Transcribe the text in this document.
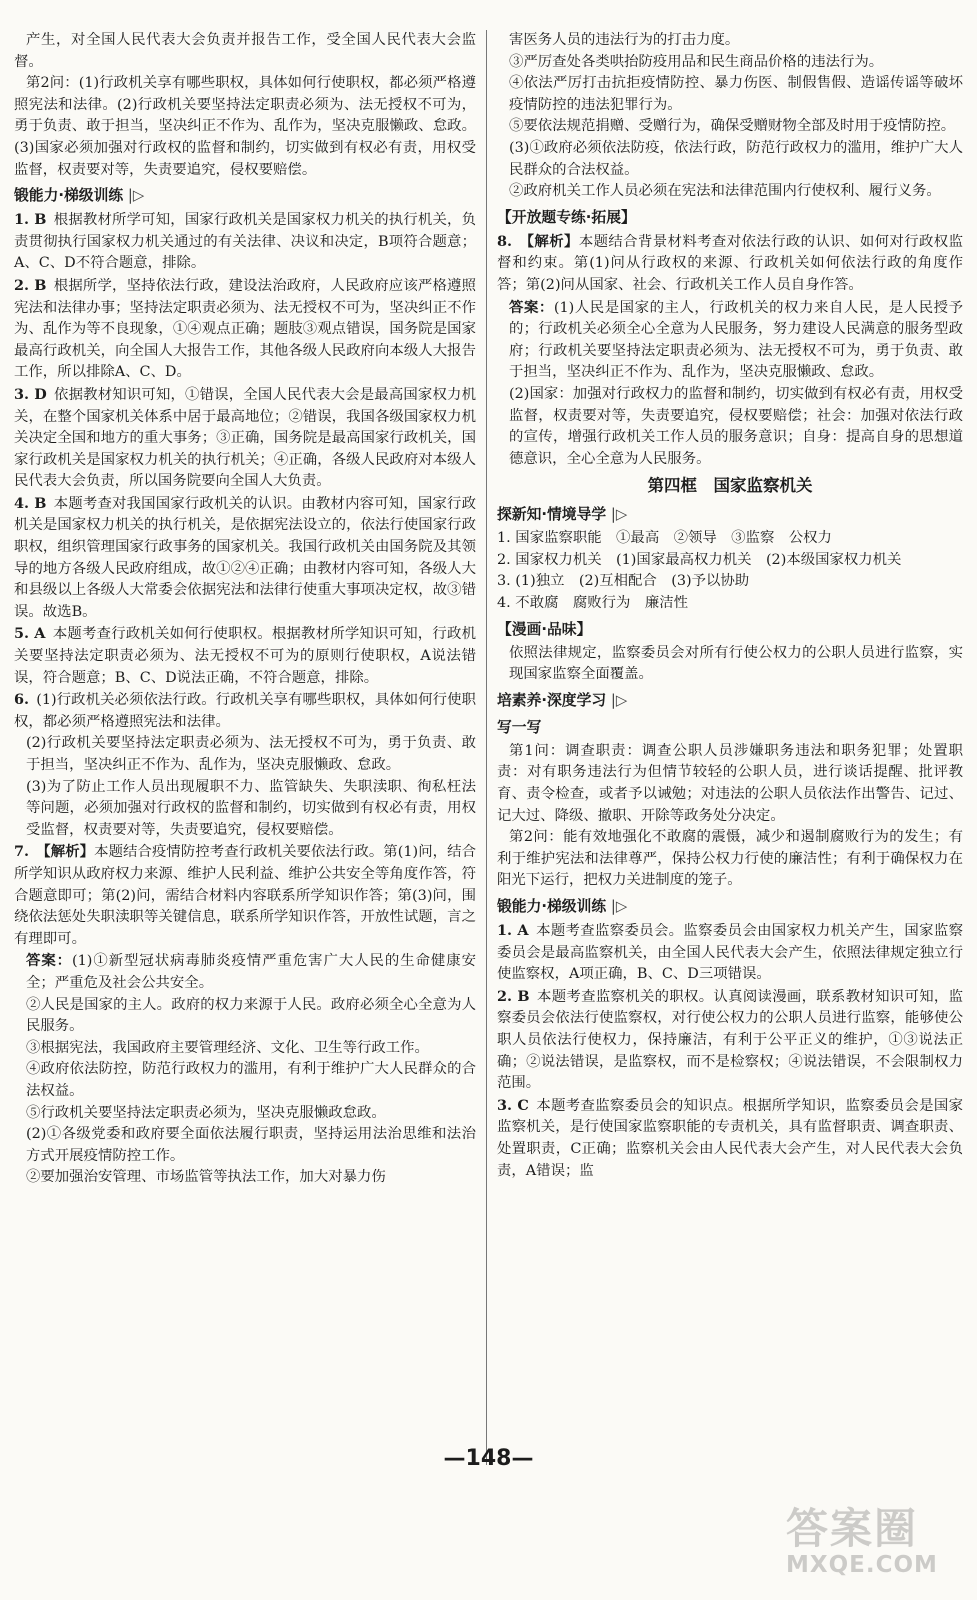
产生，对全国人民代表大会负责并报告工作，受全国人民代表大会监督。

第2问：(1)行政机关享有哪些职权，具体如何行使职权，都必须严格遵照宪法和法律。(2)行政机关要坚持法定职责必须为、法无授权不可为，勇于负责、敢于担当，坚决纠正不作为、乱作为，坚决克服懒政、怠政。(3)国家必须加强对行政权的监督和制约，切实做到有权必有责，用权受监督，权责要对等，失责要追究，侵权要赔偿。

锻能力·梯级训练 |▷

1. B  根据教材所学可知，国家行政机关是国家权力机关的执行机关，负责贯彻执行国家权力机关通过的有关法律、决议和决定，B项符合题意；A、C、D不符合题意，排除。

2. B  根据所学，坚持依法行政，建设法治政府，人民政府应该严格遵照宪法和法律办事；坚持法定职责必须为、法无授权不可为，坚决纠正不作为、乱作为等不良现象，①④观点正确；题肢③观点错误，国务院是国家最高行政机关，向全国人大报告工作，其他各级人民政府向本级人大报告工作，所以排除A、C、D。

3. D  依据教材知识可知，①错误，全国人民代表大会是最高国家权力机关，在整个国家机关体系中居于最高地位；②错误，我国各级国家权力机关决定全国和地方的重大事务；③正确，国务院是最高国家行政机关，国家行政机关是国家权力机关的执行机关；④正确，各级人民政府对本级人民代表大会负责，所以国务院要向全国人大负责。

4. B  本题考查对我国国家行政机关的认识。由教材内容可知，国家行政机关是国家权力机关的执行机关，是依据宪法设立的，依法行使国家行政职权，组织管理国家行政事务的国家机关。我国行政机关由国务院及其领导的地方各级人民政府组成，故①②④正确；由教材内容可知，各级人大和县级以上各级人大常委会依据宪法和法律行使重大事项决定权，故③错误。故选B。

5. A  本题考查行政机关如何行使职权。根据教材所学知识可知，行政机关要坚持法定职责必须为、法无授权不可为的原则行使职权，A说法错误，符合题意；B、C、D说法正确，不符合题意，排除。

6.  (1)行政机关必须依法行政。行政机关享有哪些职权，具体如何行使职权，都必须严格遵照宪法和法律。

(2)行政机关要坚持法定职责必须为、法无授权不可为，勇于负责、敢于担当，坚决纠正不作为、乱作为，坚决克服懒政、怠政。

(3)为了防止工作人员出现履职不力、监管缺失、失职渎职、徇私枉法等问题，必须加强对行政权的监督和制约，切实做到有权必有责，用权受监督，权责要对等，失责要追究，侵权要赔偿。

7.  【解析】本题结合疫情防控考查行政机关要依法行政。第(1)问，结合所学知识从政府权力来源、维护人民利益、维护公共安全等角度作答，符合题意即可；第(2)问，需结合材料内容联系所学知识作答；第(3)问，围绕依法惩处失职渎职等关键信息，联系所学知识作答，开放性试题，言之有理即可。

答案：(1)①新型冠状病毒肺炎疫情严重危害广大人民的生命健康安全；严重危及社会公共安全。

②人民是国家的主人。政府的权力来源于人民。政府必须全心全意为人民服务。

③根据宪法，我国政府主要管理经济、文化、卫生等行政工作。

④政府依法防控，防范行政权力的滥用，有利于维护广大人民群众的合法权益。

⑤行政机关要坚持法定职责必须为，坚决克服懒政怠政。

(2)①各级党委和政府要全面依法履行职责，坚持运用法治思维和法治方式开展疫情防控工作。

②要加强治安管理、市场监管等执法工作，加大对暴力伤

害医务人员的违法行为的打击力度。

③严厉查处各类哄抬防疫用品和民生商品价格的违法行为。

④依法严厉打击抗拒疫情防控、暴力伤医、制假售假、造谣传谣等破坏疫情防控的违法犯罪行为。

⑤要依法规范捐赠、受赠行为，确保受赠财物全部及时用于疫情防控。

(3)①政府必须依法防疫，依法行政，防范行政权力的滥用，维护广大人民群众的合法权益。

②政府机关工作人员必须在宪法和法律范围内行使权利、履行义务。

【开放题专练·拓展】

8.  【解析】本题结合背景材料考查对依法行政的认识、如何对行政权监督和约束。第(1)问从行政权的来源、行政机关如何依法行政的角度作答；第(2)问从国家、社会、行政机关工作人员自身作答。

答案：(1)人民是国家的主人，行政机关的权力来自人民，是人民授予的；行政机关必须全心全意为人民服务，努力建设人民满意的服务型政府；行政机关要坚持法定职责必须为、法无授权不可为，勇于负责、敢于担当，坚决纠正不作为、乱作为，坚决克服懒政、怠政。

(2)国家：加强对行政权力的监督和制约，切实做到有权必有责，用权受监督，权责要对等，失责要追究，侵权要赔偿；社会：加强对依法行政的宣传，增强行政机关工作人员的服务意识；自身：提高自身的思想道德意识，全心全意为人民服务。

第四框　国家监察机关
探新知·情境导学 |▷

1. 国家监察职能　①最高　②领导　③监察　公权力

2. 国家权力机关　(1)国家最高权力机关　(2)本级国家权力机关

3. (1)独立　(2)互相配合　(3)予以协助

4. 不敢腐　腐败行为　廉洁性

【漫画·品味】

依照法律规定，监察委员会对所有行使公权力的公职人员进行监察，实现国家监察全面覆盖。

培素养·深度学习 |▷
写一写

第1问：调查职责：调查公职人员涉嫌职务违法和职务犯罪；处置职责：对有职务违法行为但情节较轻的公职人员，进行谈话提醒、批评教育、责令检查，或者予以诫勉；对违法的公职人员依法作出警告、记过、记大过、降级、撤职、开除等政务处分决定。

第2问：能有效地强化不敢腐的震慑，减少和遏制腐败行为的发生；有利于维护宪法和法律尊严，保持公权力行使的廉洁性；有利于确保权力在阳光下运行，把权力关进制度的笼子。

锻能力·梯级训练 |▷

1. A  本题考查监察委员会。监察委员会由国家权力机关产生，国家监察委员会是最高监察机关，由全国人民代表大会产生，依照法律规定独立行使监察权，A项正确，B、C、D三项错误。

2. B  本题考查监察机关的职权。认真阅读漫画，联系教材知识可知，监察委员会依法行使监察权，对行使公权力的公职人员进行监察，能够使公职人员依法行使权力，保持廉洁，有利于公平正义的维护，①③说法正确；②说法错误，是监察权，而不是检察权；④说法错误，不会限制权力范围。

3. C  本题考查监察委员会的知识点。根据所学知识，监察委员会是国家监察机关，是行使国家监察职能的专责机关，具有监督职责、调查职责、处置职责，C正确；监察机关会由人民代表大会产生，对人民代表大会负责，A错误；监

—148—
答案圈
MXQE.COM
